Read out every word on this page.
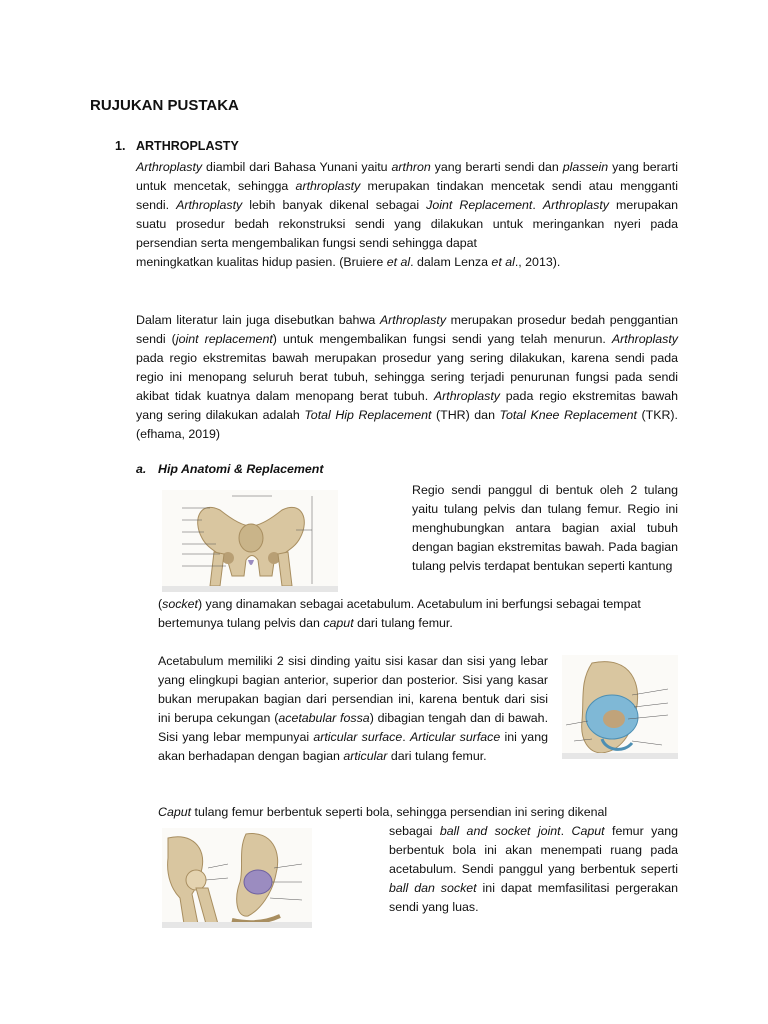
RUJUKAN PUSTAKA
1. ARTHROPLASTY

Arthroplasty diambil dari Bahasa Yunani yaitu arthron yang berarti sendi dan plassein yang berarti untuk mencetak, sehingga arthroplasty merupakan tindakan mencetak sendi atau mengganti sendi. Arthroplasty lebih banyak dikenal sebagai Joint Replacement. Arthroplasty merupakan suatu prosedur bedah rekonstruksi sendi yang dilakukan untuk meringankan nyeri pada persendian serta mengembalikan fungsi sendi sehingga dapat

meningkatkan kualitas hidup pasien. (Bruiere et al. dalam Lenza et al., 2013).

Dalam literatur lain juga disebutkan bahwa Arthroplasty merupakan prosedur bedah penggantian sendi (joint replacement) untuk mengembalikan fungsi sendi yang telah menurun. Arthroplasty pada regio ekstremitas bawah merupakan prosedur yang sering dilakukan, karena sendi pada regio ini menopang seluruh berat tubuh, sehingga sering terjadi penurunan fungsi pada sendi akibat tidak kuatnya dalam menopang berat tubuh. Arthroplasty pada regio ekstremitas bawah yang sering dilakukan adalah Total Hip Replacement (THR) dan Total Knee Replacement (TKR). (efhama, 2019)

a. Hip Anatomi & Replacement

Regio sendi panggul di bentuk oleh 2 tulang yaitu tulang pelvis dan tulang femur. Regio ini menghubungkan antara bagian axial tubuh dengan bagian ekstremitas bawah. Pada bagian tulang pelvis terdapat bentukan seperti kantung

(socket) yang dinamakan sebagai acetabulum. Acetabulum ini berfungsi sebagai tempat bertemunya tulang pelvis dan caput dari tulang femur.

Acetabulum memiliki 2 sisi dinding yaitu sisi kasar dan sisi yang lebar yang elingkupi bagian anterior, superior dan posterior. Sisi yang kasar bukan merupakan bagian dari persendian ini, karena bentuk dari sisi ini berupa cekungan (acetabular fossa) dibagian tengah dan di bawah. Sisi yang lebar mempunyai articular surface. Articular surface ini yang akan berhadapan dengan bagian articular dari tulang femur.

Caput tulang femur berbentuk seperti bola, sehingga persendian ini sering dikenal

sebagai ball and socket joint. Caput femur yang berbentuk bola ini akan menempati ruang pada acetabulum. Sendi panggul yang berbentuk seperti ball dan socket ini dapat memfasilitasi pergerakan sendi yang luas.
